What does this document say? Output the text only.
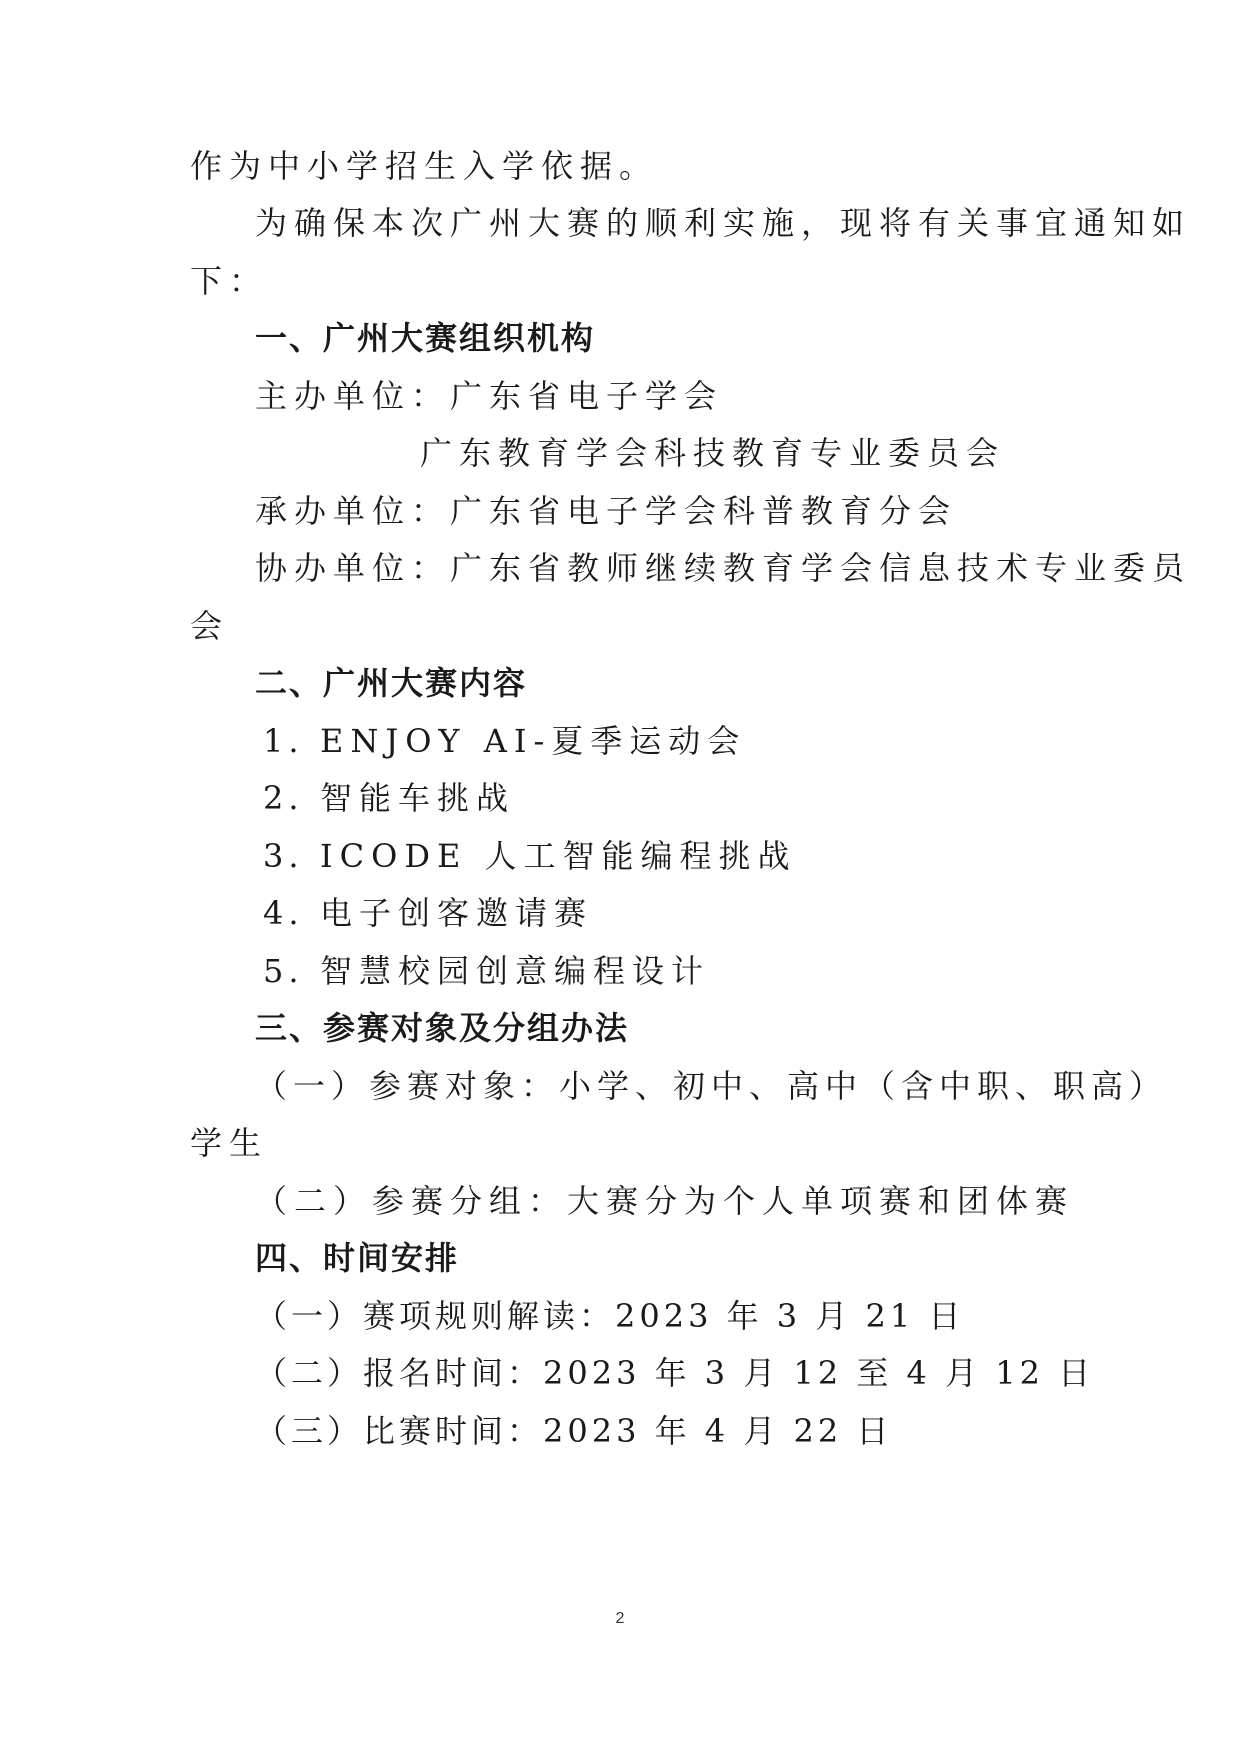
作为中小学招生入学依据。
为确保本次广州大赛的顺利实施，现将有关事宜通知如
下：
一、广州大赛组织机构
主办单位：广东省电子学会
广东教育学会科技教育专业委员会
承办单位：广东省电子学会科普教育分会
协办单位：广东省教师继续教育学会信息技术专业委员
会
二、广州大赛内容
1. ENJOY AI-夏季运动会
2. 智能车挑战
3. ICODE 人工智能编程挑战
4. 电子创客邀请赛
5. 智慧校园创意编程设计
三、参赛对象及分组办法
（一）参赛对象：小学、初中、高中（含中职、职高）
学生
（二）参赛分组：大赛分为个人单项赛和团体赛
四、时间安排
（一）赛项规则解读：2023 年 3 月 21 日
（二）报名时间：2023 年 3 月 12 至 4 月 12 日
（三）比赛时间：2023 年 4 月 22 日
2
